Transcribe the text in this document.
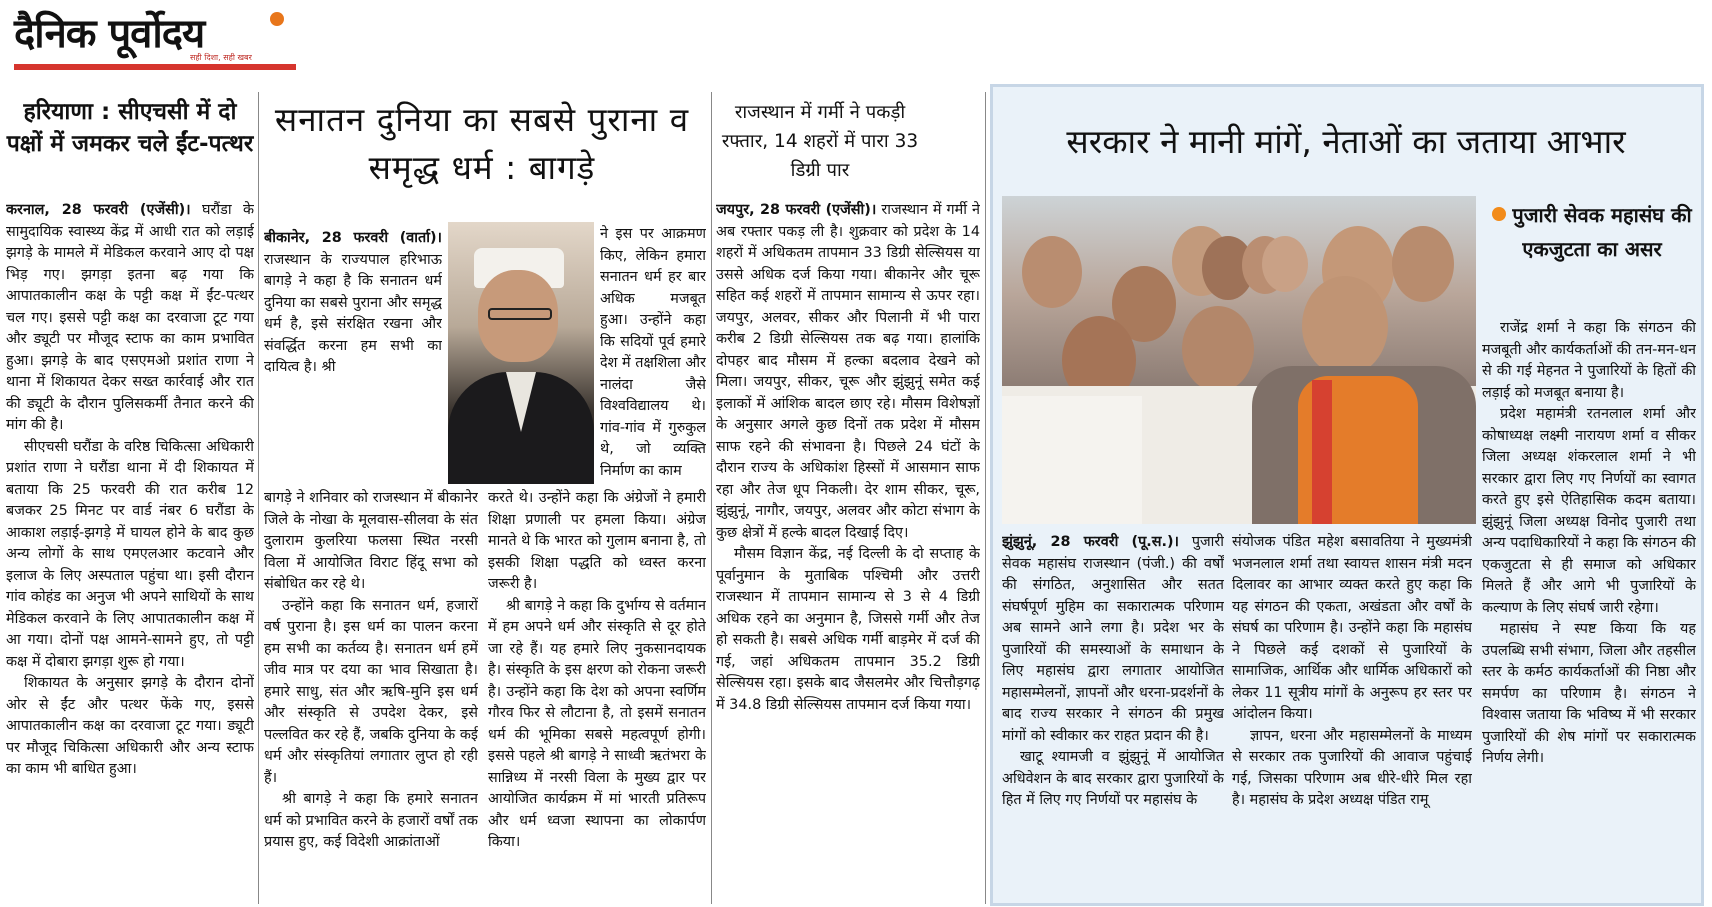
दैनिक पूर्वोदय
सही दिशा, सही खबर
हरियाणा : सीएचसी में दो पक्षों में जमकर चले ईंट-पत्थर

करनाल, 28 फरवरी (एजेंसी)। घरौंडा के सामुदायिक स्वास्थ्य केंद्र में आधी रात को लड़ाई झगड़े के मामले में मेडिकल करवाने आए दो पक्ष भिड़ गए। झगड़ा इतना बढ़ गया कि आपातकालीन कक्ष के पट्टी कक्ष में ईंट-पत्थर चल गए। इससे पट्टी कक्ष का दरवाजा टूट गया और ड्यूटी पर मौजूद स्टाफ का काम प्रभावित हुआ। झगड़े के बाद एसएमओ प्रशांत राणा ने थाना में शिकायत देकर सख्त कार्रवाई और रात की ड्यूटी के दौरान पुलिसकर्मी तैनात करने की मांग की है।

सीएचसी घरौंडा के वरिष्ठ चिकित्सा अधिकारी प्रशांत राणा ने घरौंडा थाना में दी शिकायत में बताया कि 25 फरवरी की रात करीब 12 बजकर 25 मिनट पर वार्ड नंबर 6 घरौंडा के आकाश लड़ाई-झगड़े में घायल होने के बाद कुछ अन्य लोगों के साथ एमएलआर कटवाने और इलाज के लिए अस्पताल पहुंचा था। इसी दौरान गांव कोहंड का अनुज भी अपने साथियों के साथ मेडिकल करवाने के लिए आपातकालीन कक्ष में आ गया। दोनों पक्ष आमने-सामने हुए, तो पट्टी कक्ष में दोबारा झगड़ा शुरू हो गया।

शिकायत के अनुसार झगड़े के दौरान दोनों ओर से ईंट और पत्थर फेंके गए, इससे आपातकालीन कक्ष का दरवाजा टूट गया। ड्यूटी पर मौजूद चिकित्सा अधिकारी और अन्य स्टाफ का काम भी बाधित हुआ।

सनातन दुनिया का सबसे पुराना व समृद्ध धर्म : बागड़े

बीकानेर, 28 फरवरी (वार्ता)। राजस्थान के राज्यपाल हरिभाऊ बागड़े ने कहा है कि सनातन धर्म दुनिया का सबसे पुराना और समृद्ध धर्म है, इसे संरक्षित रखना और संवर्द्धित करना हम सभी का दायित्व है। श्री

ने इस पर आक्रमण किए, लेकिन हमारा सनातन धर्म हर बार अधिक मजबूत हुआ। उन्होंने कहा कि सदियों पूर्व हमारे देश में तक्षशिला और नालंदा जैसे विश्वविद्यालय थे। गांव-गांव में गुरुकुल थे, जो व्यक्ति निर्माण का काम

बागड़े ने शनिवार को राजस्थान में बीकानेर जिले के नोखा के मूलवास-सीलवा के संत दुलाराम कुलरिया फलसा स्थित नरसी विला में आयोजित विराट हिंदू सभा को संबोधित कर रहे थे।

उन्होंने कहा कि सनातन धर्म, हजारों वर्ष पुराना है। इस धर्म का पालन करना हम सभी का कर्तव्य है। सनातन धर्म हमें जीव मात्र पर दया का भाव सिखाता है। हमारे साधु, संत और ऋषि-मुनि इस धर्म और संस्कृति से उपदेश देकर, इसे पल्लवित कर रहे हैं, जबकि दुनिया के कई धर्म और संस्कृतियां लगातार लुप्त हो रही हैं।

श्री बागड़े ने कहा कि हमारे सनातन धर्म को प्रभावित करने के हजारों वर्षों तक प्रयास हुए, कई विदेशी आक्रांताओं

करते थे। उन्होंने कहा कि अंग्रेजों ने हमारी शिक्षा प्रणाली पर हमला किया। अंग्रेज मानते थे कि भारत को गुलाम बनाना है, तो इसकी शिक्षा पद्धति को ध्वस्त करना जरूरी है।

श्री बागड़े ने कहा कि दुर्भाग्य से वर्तमान में हम अपने धर्म और संस्कृति से दूर होते जा रहे हैं। यह हमारे लिए नुकसानदायक है। संस्कृति के इस क्षरण को रोकना जरूरी है। उन्होंने कहा कि देश को अपना स्वर्णिम गौरव फिर से लौटाना है, तो इसमें सनातन धर्म की भूमिका सबसे महत्वपूर्ण होगी। इससे पहले श्री बागड़े ने साध्वी ऋतंभरा के सान्निध्य में नरसी विला के मुख्य द्वार पर आयोजित कार्यक्रम में मां भारती प्रतिरूप और धर्म ध्वजा स्थापना का लोकार्पण किया।

राजस्थान में गर्मी ने पकड़ी रफ्तार, 14 शहरों में पारा 33 डिग्री पार

जयपुर, 28 फरवरी (एजेंसी)। राजस्थान में गर्मी ने अब रफ्तार पकड़ ली है। शुक्रवार को प्रदेश के 14 शहरों में अधिकतम तापमान 33 डिग्री सेल्सियस या उससे अधिक दर्ज किया गया। बीकानेर और चूरू सहित कई शहरों में तापमान सामान्य से ऊपर रहा। जयपुर, अलवर, सीकर और पिलानी में भी पारा करीब 2 डिग्री सेल्सियस तक बढ़ गया। हालांकि दोपहर बाद मौसम में हल्का बदलाव देखने को मिला। जयपुर, सीकर, चूरू और झुंझुनूं समेत कई इलाकों में आंशिक बादल छाए रहे। मौसम विशेषज्ञों के अनुसार अगले कुछ दिनों तक प्रदेश में मौसम साफ रहने की संभावना है। पिछले 24 घंटों के दौरान राज्य के अधिकांश हिस्सों में आसमान साफ रहा और तेज धूप निकली। देर शाम सीकर, चूरू, झुंझुनूं, नागौर, जयपुर, अलवर और कोटा संभाग के कुछ क्षेत्रों में हल्के बादल दिखाई दिए।

मौसम विज्ञान केंद्र, नई दिल्ली के दो सप्ताह के पूर्वानुमान के मुताबिक पश्चिमी और उत्तरी राजस्थान में तापमान सामान्य से 3 से 4 डिग्री अधिक रहने का अनुमान है, जिससे गर्मी और तेज हो सकती है। सबसे अधिक गर्मी बाड़मेर में दर्ज की गई, जहां अधिकतम तापमान 35.2 डिग्री सेल्सियस रहा। इसके बाद जैसलमेर और चित्तौड़गढ़ में 34.8 डिग्री सेल्सियस तापमान दर्ज किया गया।

सरकार ने मानी मांगें, नेताओं का जताया आभार
पुजारी सेवक महासंघ की एकजुटता का असर

झुंझुनूं, 28 फरवरी (पू.स.)। पुजारी सेवक महासंघ राजस्थान (पंजी.) की वर्षों की संगठित, अनुशासित और सतत संघर्षपूर्ण मुहिम का सकारात्मक परिणाम अब सामने आने लगा है। प्रदेश भर के पुजारियों की समस्याओं के समाधान के लिए महासंघ द्वारा लगातार आयोजित महासम्मेलनों, ज्ञापनों और धरना-प्रदर्शनों के बाद राज्य सरकार ने संगठन की प्रमुख मांगों को स्वीकार कर राहत प्रदान की है।

खाटू श्यामजी व झुंझुनूं में आयोजित अधिवेशन के बाद सरकार द्वारा पुजारियों के हित में लिए गए निर्णयों पर महासंघ के

संयोजक पंडित महेश बसावतिया ने मुख्यमंत्री भजनलाल शर्मा तथा स्वायत्त शासन मंत्री मदन दिलावर का आभार व्यक्त करते हुए कहा कि यह संगठन की एकता, अखंडता और वर्षों के संघर्ष का परिणाम है। उन्होंने कहा कि महासंघ ने पिछले कई दशकों से पुजारियों के सामाजिक, आर्थिक और धार्मिक अधिकारों को लेकर 11 सूत्रीय मांगों के अनुरूप हर स्तर पर आंदोलन किया।

ज्ञापन, धरना और महासम्मेलनों के माध्यम से सरकार तक पुजारियों की आवाज पहुंचाई गई, जिसका परिणाम अब धीरे-धीरे मिल रहा है। महासंघ के प्रदेश अध्यक्ष पंडित रामू

राजेंद्र शर्मा ने कहा कि संगठन की मजबूती और कार्यकर्ताओं की तन-मन-धन से की गई मेहनत ने पुजारियों के हितों की लड़ाई को मजबूत बनाया है।

प्रदेश महामंत्री रतनलाल शर्मा और कोषाध्यक्ष लक्ष्मी नारायण शर्मा व सीकर जिला अध्यक्ष शंकरलाल शर्मा ने भी सरकार द्वारा लिए गए निर्णयों का स्वागत करते हुए इसे ऐतिहासिक कदम बताया। झुंझुनूं जिला अध्यक्ष विनोद पुजारी तथा अन्य पदाधिकारियों ने कहा कि संगठन की एकजुटता से ही समाज को अधिकार मिलते हैं और आगे भी पुजारियों के कल्याण के लिए संघर्ष जारी रहेगा।

महासंघ ने स्पष्ट किया कि यह उपलब्धि सभी संभाग, जिला और तहसील स्तर के कर्मठ कार्यकर्ताओं की निष्ठा और समर्पण का परिणाम है। संगठन ने विश्वास जताया कि भविष्य में भी सरकार पुजारियों की शेष मांगों पर सकारात्मक निर्णय लेगी।
